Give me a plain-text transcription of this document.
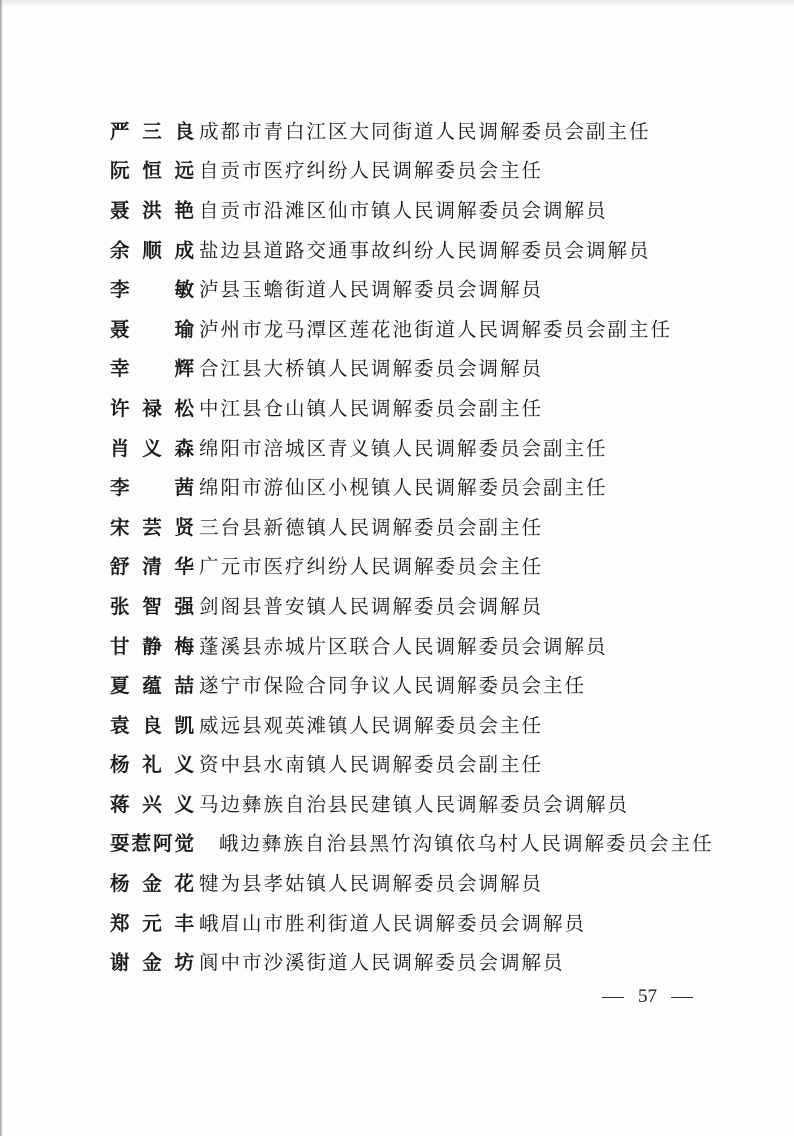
严三良 成都市青白江区大同街道人民调解委员会副主任
阮恒远 自贡市医疗纠纷人民调解委员会主任
聂洪艳 自贡市沿滩区仙市镇人民调解委员会调解员
余顺成 盐边县道路交通事故纠纷人民调解委员会调解员
李敏 泸县玉蟾街道人民调解委员会调解员
聂瑜 泸州市龙马潭区莲花池街道人民调解委员会副主任
幸辉 合江县大桥镇人民调解委员会调解员
许禄松 中江县仓山镇人民调解委员会副主任
肖义森 绵阳市涪城区青义镇人民调解委员会副主任
李茜 绵阳市游仙区小枧镇人民调解委员会副主任
宋芸贤 三台县新德镇人民调解委员会副主任
舒清华 广元市医疗纠纷人民调解委员会主任
张智强 剑阁县普安镇人民调解委员会调解员
甘静梅 蓬溪县赤城片区联合人民调解委员会调解员
夏蕴喆 遂宁市保险合同争议人民调解委员会主任
袁良凯 威远县观英滩镇人民调解委员会主任
杨礼义 资中县水南镇人民调解委员会副主任
蒋兴义 马边彝族自治县民建镇人民调解委员会调解员
耍惹阿觉 峨边彝族自治县黑竹沟镇依乌村人民调解委员会主任
杨金花 犍为县孝姑镇人民调解委员会调解员
郑元丰 峨眉山市胜利街道人民调解委员会调解员
谢金坊 阆中市沙溪街道人民调解委员会调解员
57
